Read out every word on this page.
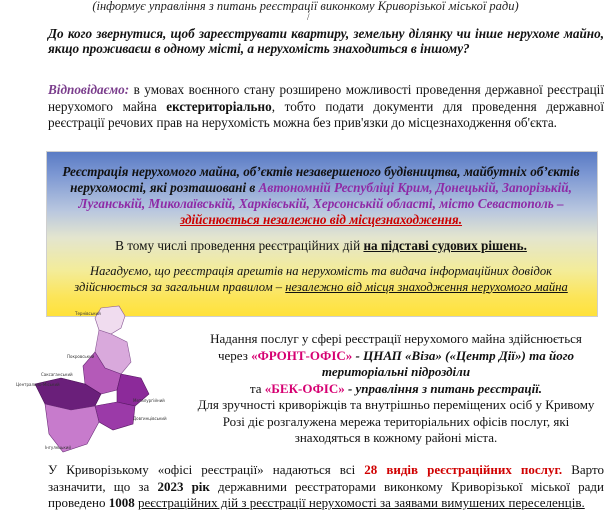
(інформує управління з питань реєстрації виконкому Криворізької міської ради)
/
До кого звернутися, щоб зареєструвати квартиру, земельну ділянку чи інше нерухоме майно, якщо проживаєш в одному місті, а нерухомість знаходиться в іншому?
Відповідаємо: в умовах воєнного стану розширено можливості проведення державної реєстрації нерухомого майна екстериторіально, тобто подати документи для проведення державної реєстрації речових прав на нерухомість можна без прив'язки до місцезнаходження об'єкта.
Реєстрація нерухомого майна, об’єктів незавершеного будівництва, майбутніх об’єктів нерухомості, які розташовані в Автономній Республіці Крим, Донецькій, Запорізькій, Луганській, Миколаївській, Харківській, Херсонській області, місто Севастополь – здійснюється незалежно від місцезнаходження.
В тому числі проведення реєстраційних дій на підставі судових рішень.
Нагадуємо, що реєстрація арештів на нерухомість та видача інформаційних довідок здійснюється за загальним правилом – незалежно від місця знаходження нерухомого майна
Тернівський
Покровський
Саксаганський
Металургійний
Центрально-Міський
Довгинцівський
Інгулецький
Надання послуг у сфері реєстрації нерухомого майна здійснюється через «ФРОНТ-ОФІС» - ЦНАП «Віза» («Центр Дії») та його територіальні підрозділи
та «БЕК-ОФІС» - управління з питань реєстрації.
Для зручності криворіжців та внутрішньо переміщених осіб у Кривому Розі діє розгалужена мережа територіальних офісів послуг, які знаходяться в кожному районі міста.
У Криворізькому «офісі реєстрації» надаються всі 28 видів реєстраційних послуг. Варто зазначити, що за 2023 рік державними реєстраторами виконкому Криворізької міської ради проведено 1008 реєстраційних дій з реєстрації нерухомості за заявами вимушених переселенців.
